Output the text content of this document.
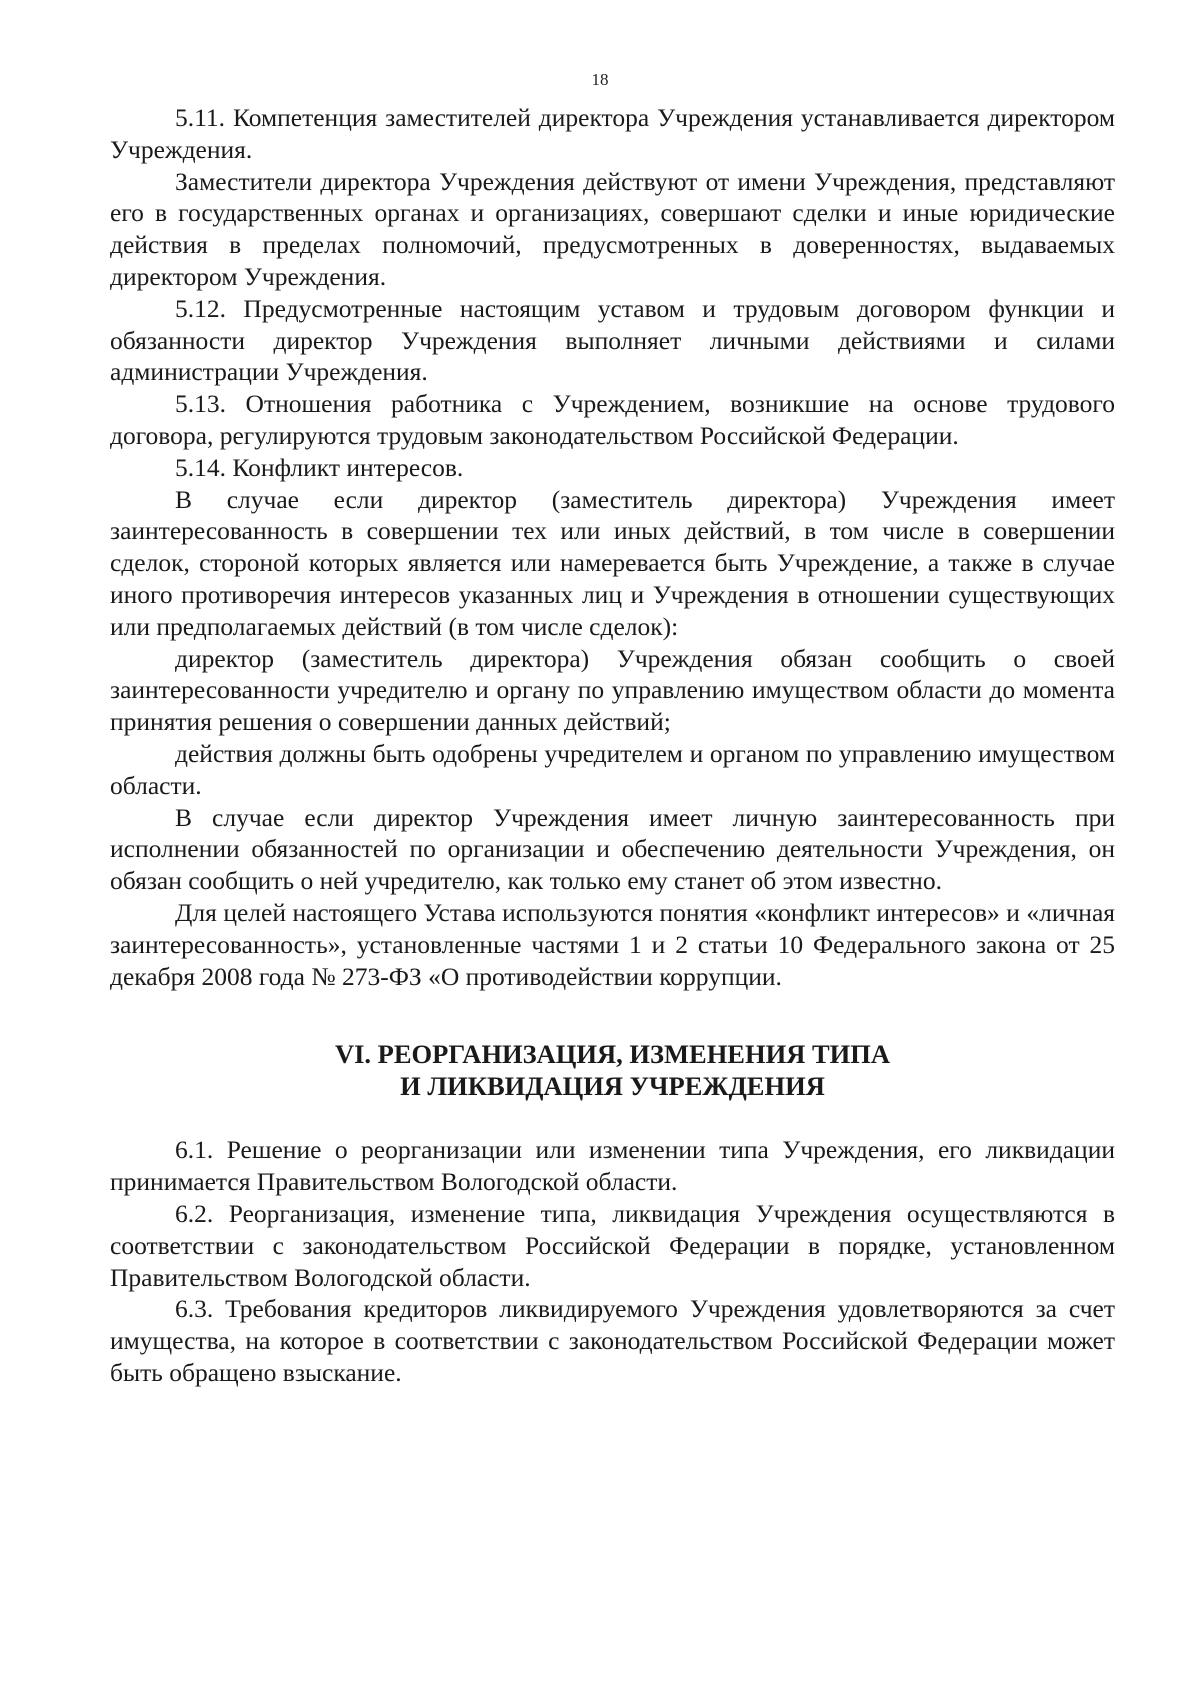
18

5.11. Компетенция заместителей директора Учреждения устанавливается директором Учреждения.

Заместители директора Учреждения действуют от имени Учреждения, представляют его в государственных органах и организациях, совершают сделки и иные юридические действия в пределах полномочий, предусмотренных в доверенностях, выдаваемых директором Учреждения.

5.12. Предусмотренные настоящим уставом и трудовым договором функции и обязанности директор Учреждения выполняет личными действиями и силами администрации Учреждения.

5.13. Отношения работника с Учреждением, возникшие на основе трудового договора, регулируются трудовым законодательством Российской Федерации.

5.14. Конфликт интересов.

В случае если директор (заместитель директора) Учреждения имеет заинтересованность в совершении тех или иных действий, в том числе в совершении сделок, стороной которых является или намеревается быть Учреждение, а также в случае иного противоречия интересов указанных лиц и Учреждения в отношении существующих или предполагаемых действий (в том числе сделок):

директор (заместитель директора) Учреждения обязан сообщить о своей заинтересованности учредителю и органу по управлению имуществом области до момента принятия решения о совершении данных действий;

действия должны быть одобрены учредителем и органом по управлению имуществом области.

В случае если директор Учреждения имеет личную заинтересованность при исполнении обязанностей по организации и обеспечению деятельности Учреждения, он обязан сообщить о ней учредителю, как только ему станет об этом известно.

Для целей настоящего Устава используются понятия «конфликт интересов» и «личная заинтересованность», установленные частями 1 и 2 статьи 10 Федерального закона от 25 декабря 2008 года № 273-ФЗ «О противодействии коррупции.

VI. РЕОРГАНИЗАЦИЯ, ИЗМЕНЕНИЯ ТИПА
И ЛИКВИДАЦИЯ УЧРЕЖДЕНИЯ

6.1. Решение о реорганизации или изменении типа Учреждения, его ликвидации принимается Правительством Вологодской области.

6.2. Реорганизация, изменение типа, ликвидация Учреждения осуществляются в соответствии с законодательством Российской Федерации в порядке, установленном Правительством Вологодской области.

6.3. Требования кредиторов ликвидируемого Учреждения удовлетворяются за счет имущества, на которое в соответствии с законодательством Российской Федерации может быть обращено взыскание.
